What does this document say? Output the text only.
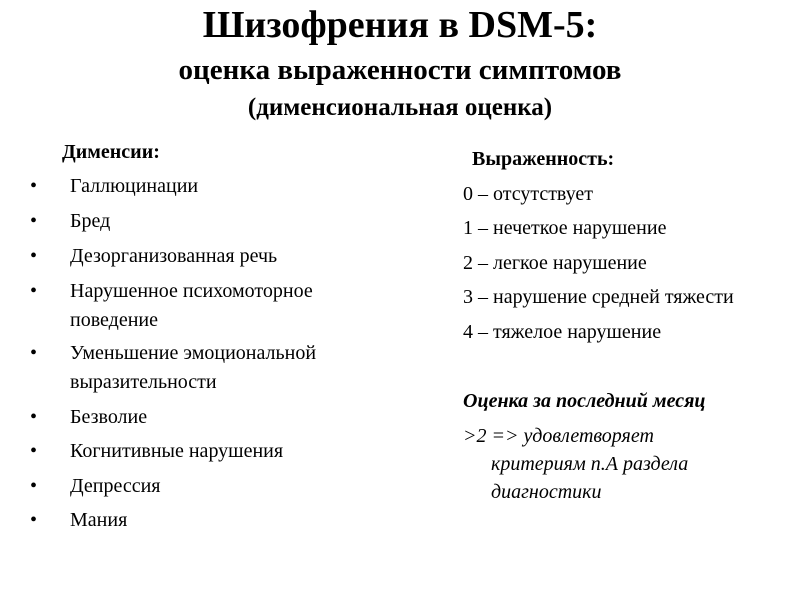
Шизофрения в DSM-5:
оценка выраженности симптомов
(дименсиональная оценка)
Дименсии:
• Галлюцинации
• Бред
• Дезорганизованная речь
• Нарушенное психомоторное поведение
• Уменьшение эмоциональной выразительности
• Безволие
• Когнитивные нарушения
• Депрессия
• Мания
Выраженность:
0 – отсутствует
1 – нечеткое нарушение
2 – легкое нарушение
3 – нарушение средней тяжести
4 – тяжелое нарушение
Оценка за последний месяц
>2 => удовлетворяет
критериям п.А раздела
диагностики
